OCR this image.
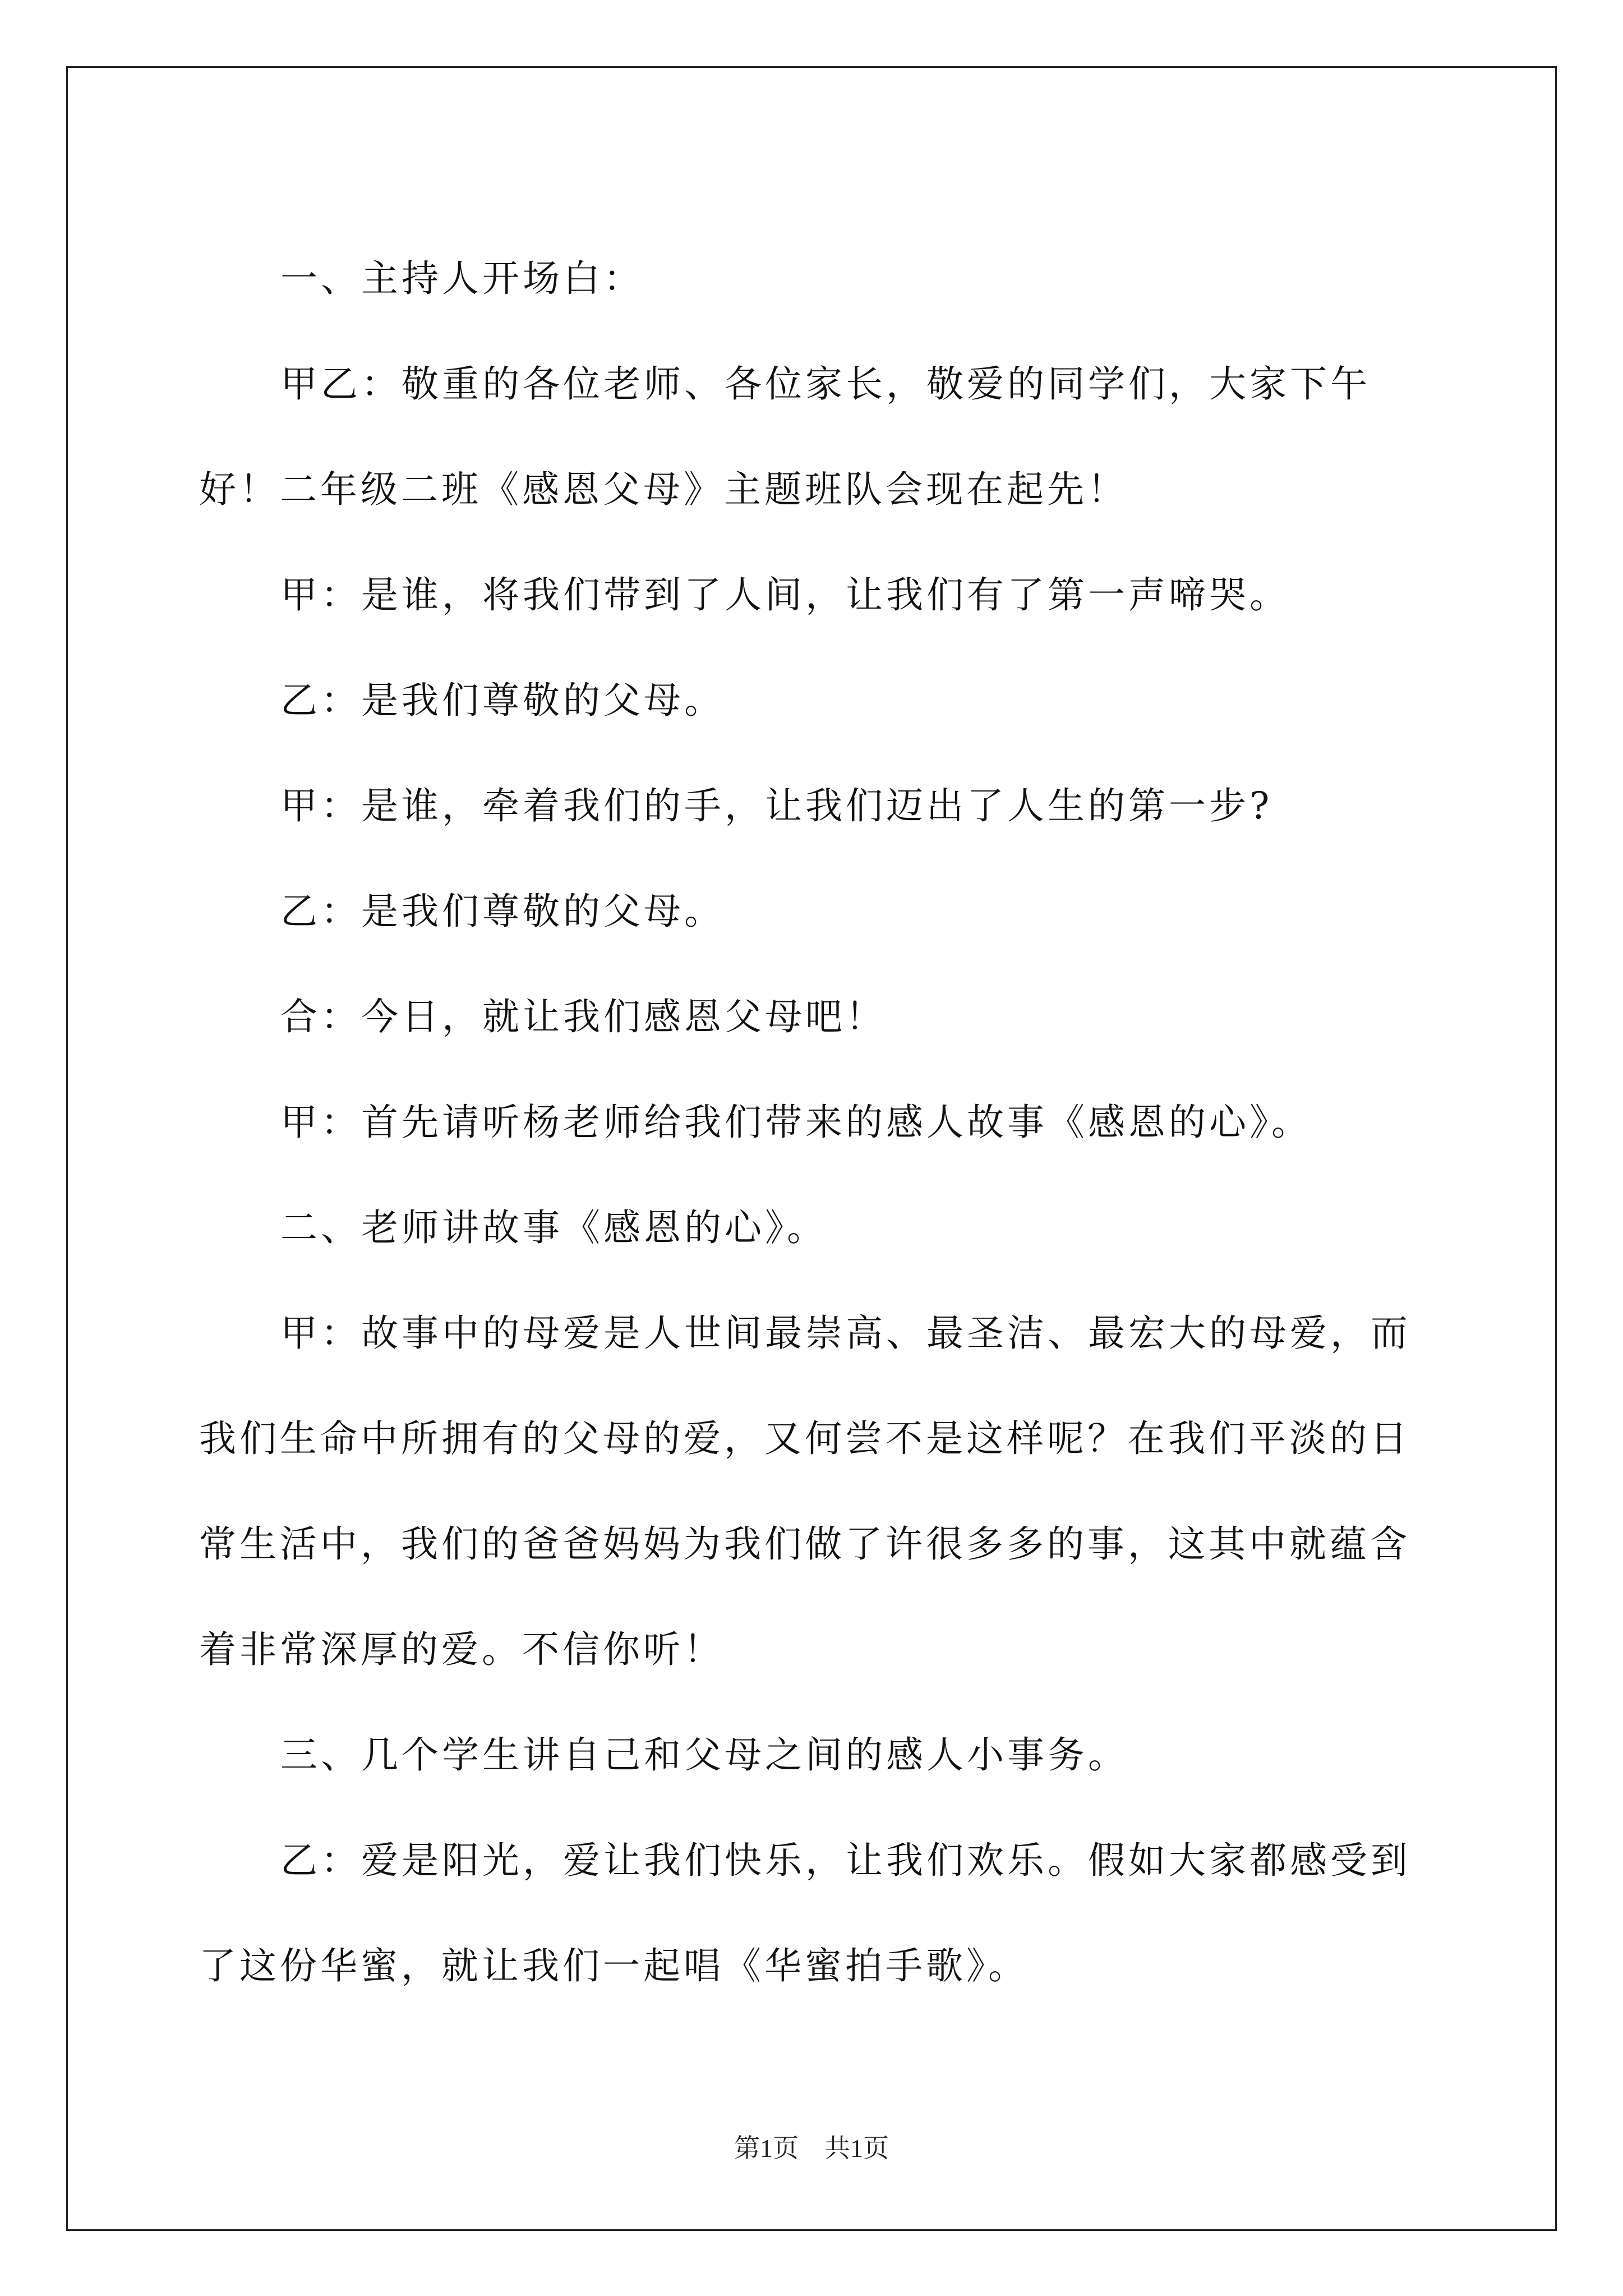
一、主持人开场白：

甲乙：敬重的各位老师、各位家长，敬爱的同学们，大家下午好！二年级二班《感恩父母》主题班队会现在起先！

甲：是谁，将我们带到了人间，让我们有了第一声啼哭。

乙：是我们尊敬的父母。

甲：是谁，牵着我们的手，让我们迈出了人生的第一步?

乙：是我们尊敬的父母。

合：今日，就让我们感恩父母吧！

甲：首先请听杨老师给我们带来的感人故事《感恩的心》。

二、老师讲故事《感恩的心》。

甲：故事中的母爱是人世间最崇高、最圣洁、最宏大的母爱，而我们生命中所拥有的父母的爱，又何尝不是这样呢？在我们平淡的日常生活中，我们的爸爸妈妈为我们做了许很多多的事，这其中就蕴含着非常深厚的爱。不信你听！

三、几个学生讲自己和父母之间的感人小事务。

乙：爱是阳光，爱让我们快乐，让我们欢乐。假如大家都感受到了这份华蜜，就让我们一起唱《华蜜拍手歌》。

第1页　共1页
